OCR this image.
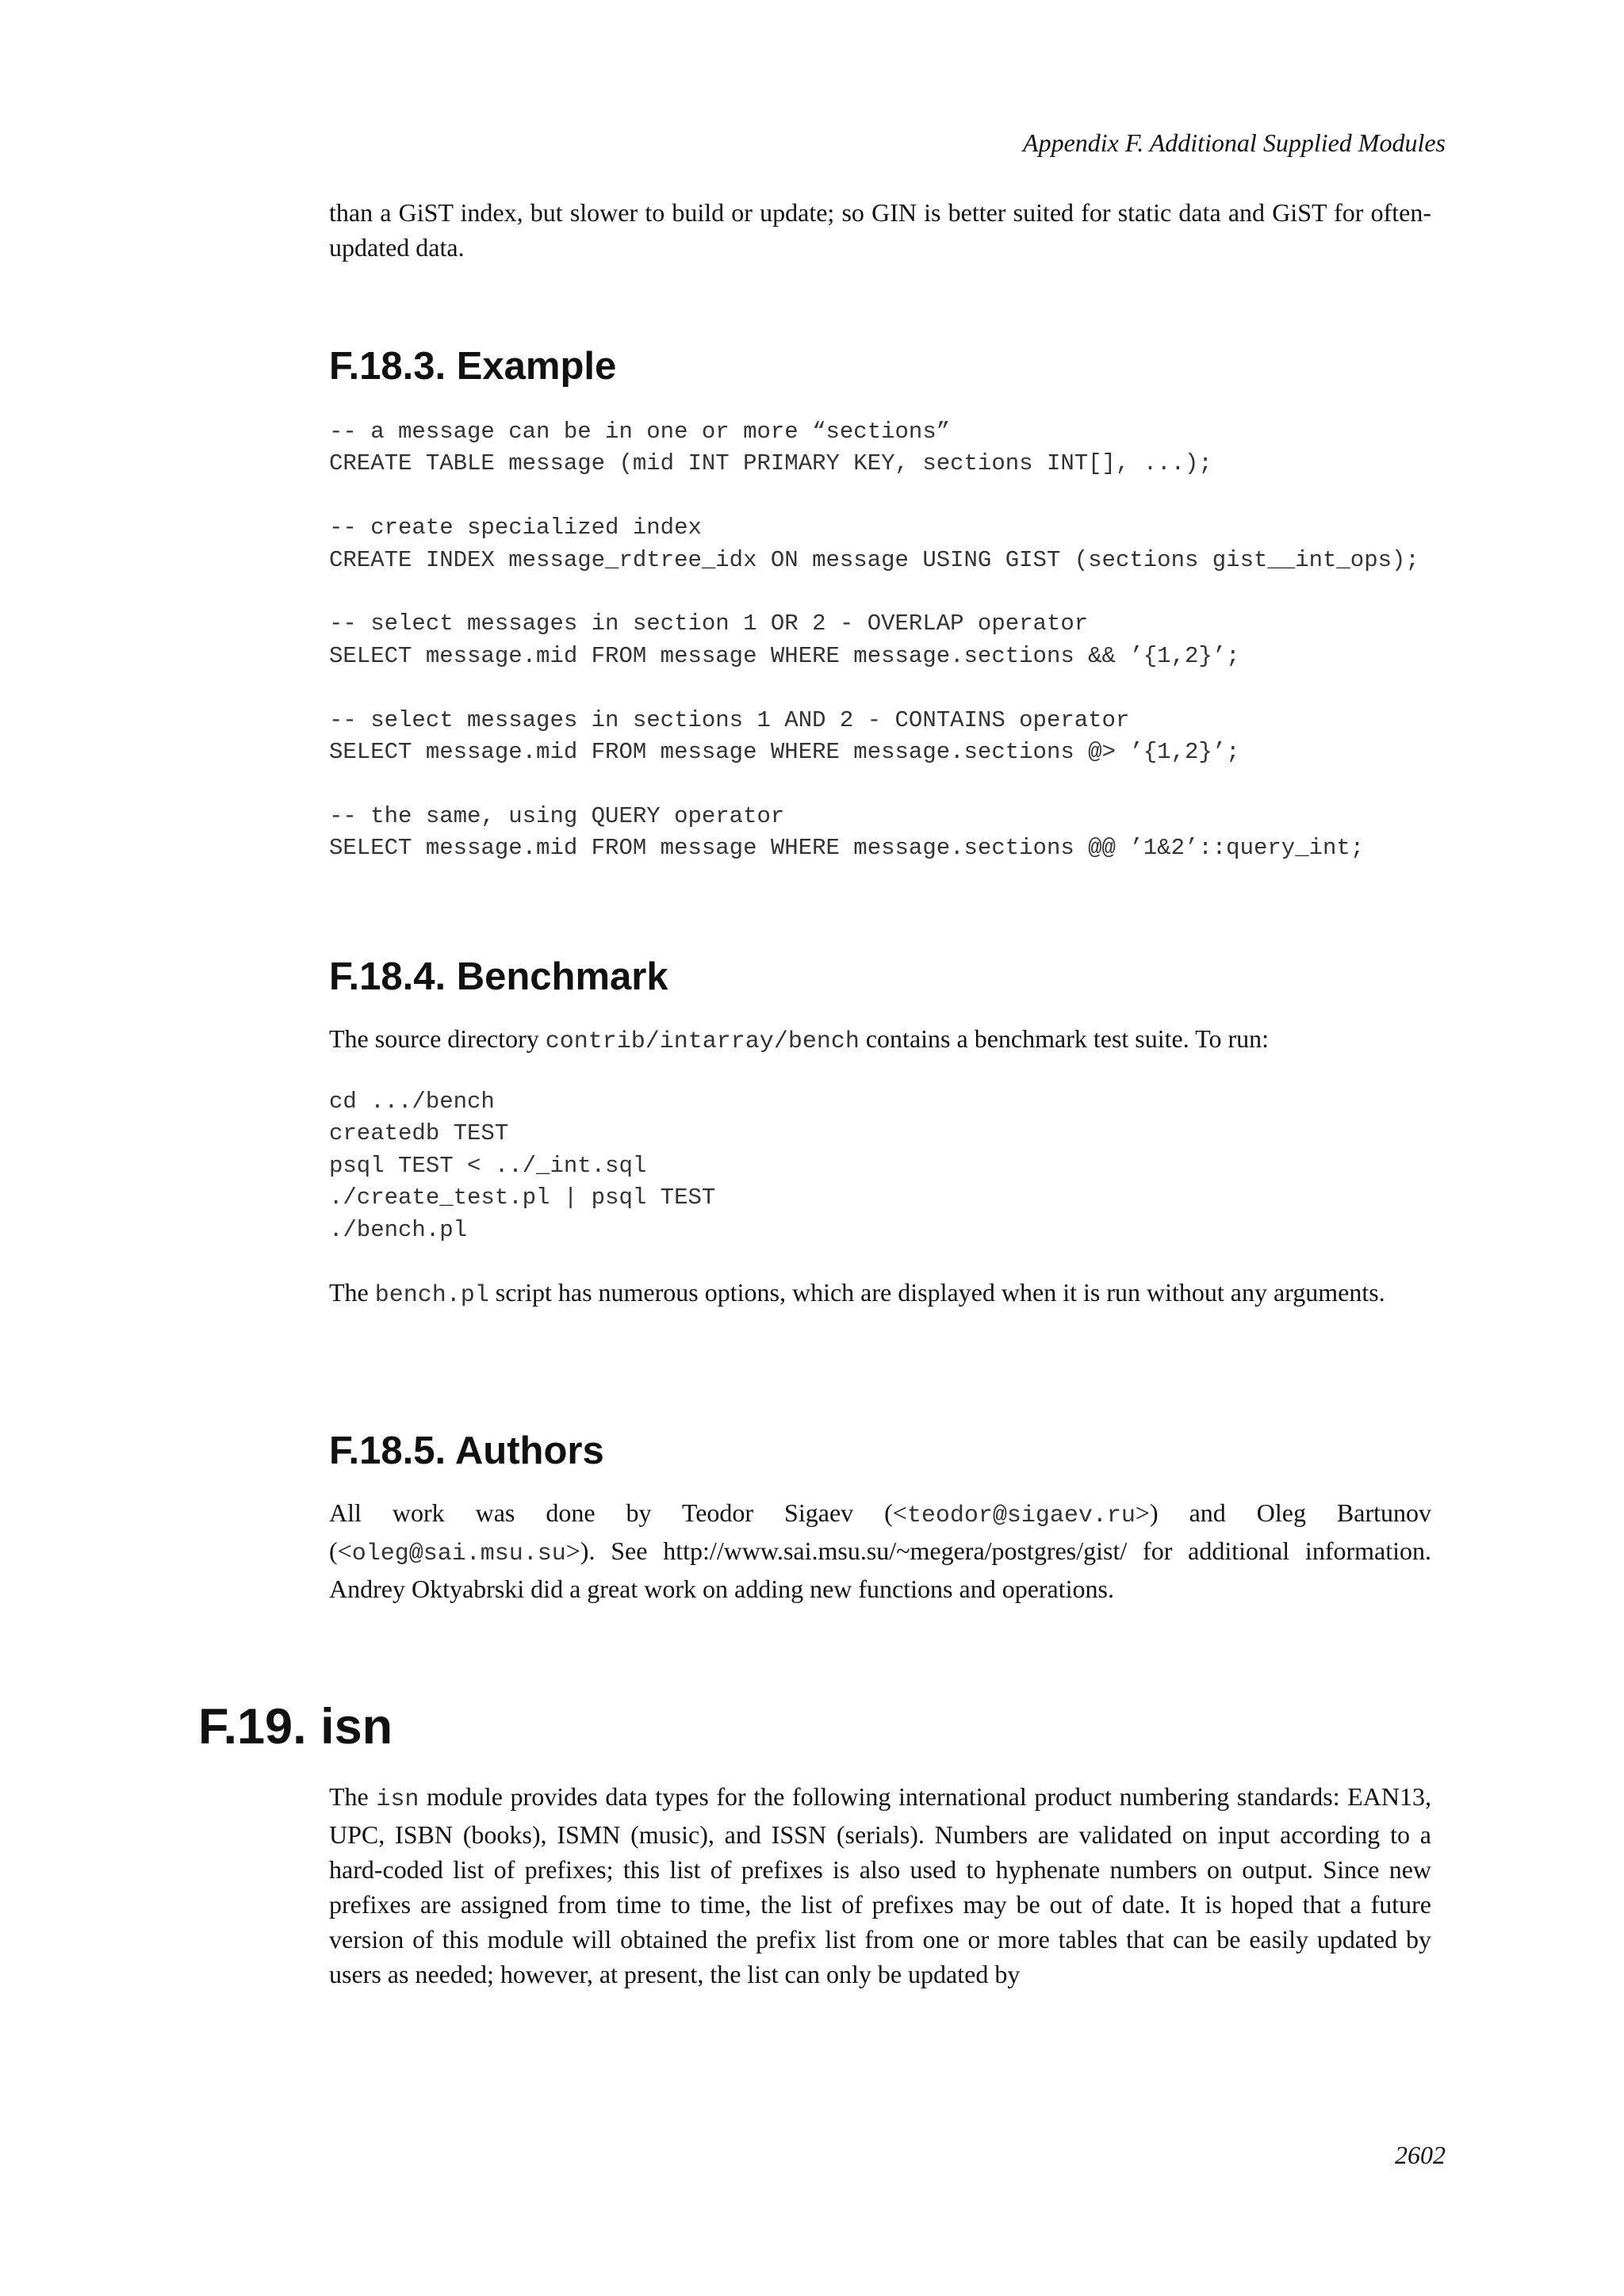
Appendix F. Additional Supplied Modules

than a GiST index, but slower to build or update; so GIN is better suited for static data and GiST for often-updated data.

F.18.3. Example
-- a message can be in one or more “sections”
CREATE TABLE message (mid INT PRIMARY KEY, sections INT[], ...);

-- create specialized index
CREATE INDEX message_rdtree_idx ON message USING GIST (sections gist__int_ops);

-- select messages in section 1 OR 2 - OVERLAP operator
SELECT message.mid FROM message WHERE message.sections && ’{1,2}’;

-- select messages in sections 1 AND 2 - CONTAINS operator
SELECT message.mid FROM message WHERE message.sections @> ’{1,2}’;

-- the same, using QUERY operator
SELECT message.mid FROM message WHERE message.sections @@ ’1&2’::query_int;
F.18.4. Benchmark

The source directory contrib/intarray/bench contains a benchmark test suite. To run:

cd .../bench
createdb TEST
psql TEST < ../_int.sql
./create_test.pl | psql TEST
./bench.pl

The bench.pl script has numerous options, which are displayed when it is run without any arguments.

F.18.5. Authors

All work was done by Teodor Sigaev (<teodor@sigaev.ru>) and Oleg Bartunov (<oleg@sai.msu.su>). See http://www.sai.msu.su/~megera/postgres/gist/ for additional information. Andrey Oktyabrski did a great work on adding new functions and operations.

F.19. isn

The isn module provides data types for the following international product numbering standards: EAN13, UPC, ISBN (books), ISMN (music), and ISSN (serials). Numbers are validated on input according to a hard-coded list of prefixes; this list of prefixes is also used to hyphenate numbers on output. Since new prefixes are assigned from time to time, the list of prefixes may be out of date. It is hoped that a future version of this module will obtained the prefix list from one or more tables that can be easily updated by users as needed; however, at present, the list can only be updated by

2602
